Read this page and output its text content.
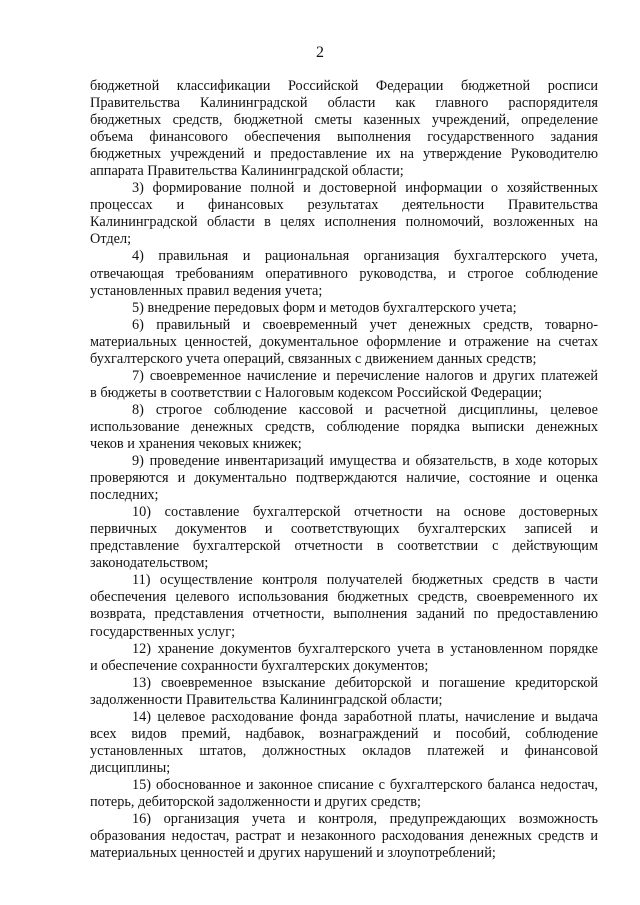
2
бюджетной классификации Российской Федерации бюджетной росписи
Правительства Калининградской области как главного распорядителя
бюджетных средств, бюджетной сметы казенных учреждений, определение
объема финансового обеспечения выполнения государственного задания
бюджетных учреждений и предоставление их на утверждение Руководителю
аппарата Правительства Калининградской области;
3) формирование полной и достоверной информации о хозяйственных
процессах и финансовых результатах деятельности Правительства
Калининградской области в целях исполнения полномочий, возложенных на
Отдел;
4) правильная и рациональная организация бухгалтерского учета,
отвечающая требованиям оперативного руководства, и строгое соблюдение
установленных правил ведения учета;
5) внедрение передовых форм и методов бухгалтерского учета;
6) правильный и своевременный учет денежных средств, товарно-
материальных ценностей, документальное оформление и отражение на счетах
бухгалтерского учета операций, связанных с движением данных средств;
7) своевременное начисление и перечисление налогов и других платежей
в бюджеты в соответствии с Налоговым кодексом Российской Федерации;
8) строгое соблюдение кассовой и расчетной дисциплины, целевое
использование денежных средств, соблюдение порядка выписки денежных
чеков и хранения чековых книжек;
9) проведение инвентаризаций имущества и обязательств, в ходе которых
проверяются и документально подтверждаются наличие, состояние и оценка
последних;
10) составление бухгалтерской отчетности на основе достоверных
первичных документов и соответствующих бухгалтерских записей и
представление бухгалтерской отчетности в соответствии с действующим
законодательством;
11) осуществление контроля получателей бюджетных средств в части
обеспечения целевого использования бюджетных средств, своевременного их
возврата, представления отчетности, выполнения заданий по предоставлению
государственных услуг;
12) хранение документов бухгалтерского учета в установленном порядке
и обеспечение сохранности бухгалтерских документов;
13) своевременное взыскание дебиторской и погашение кредиторской
задолженности Правительства Калининградской области;
14) целевое расходование фонда заработной платы, начисление и выдача
всех видов премий, надбавок, вознаграждений и пособий, соблюдение
установленных штатов, должностных окладов платежей и финансовой
дисциплины;
15) обоснованное и законное списание с бухгалтерского баланса недостач,
потерь, дебиторской задолженности и других средств;
16) организация учета и контроля, предупреждающих возможность
образования недостач, растрат и незаконного расходования денежных средств и
материальных ценностей и других нарушений и злоупотреблений;
